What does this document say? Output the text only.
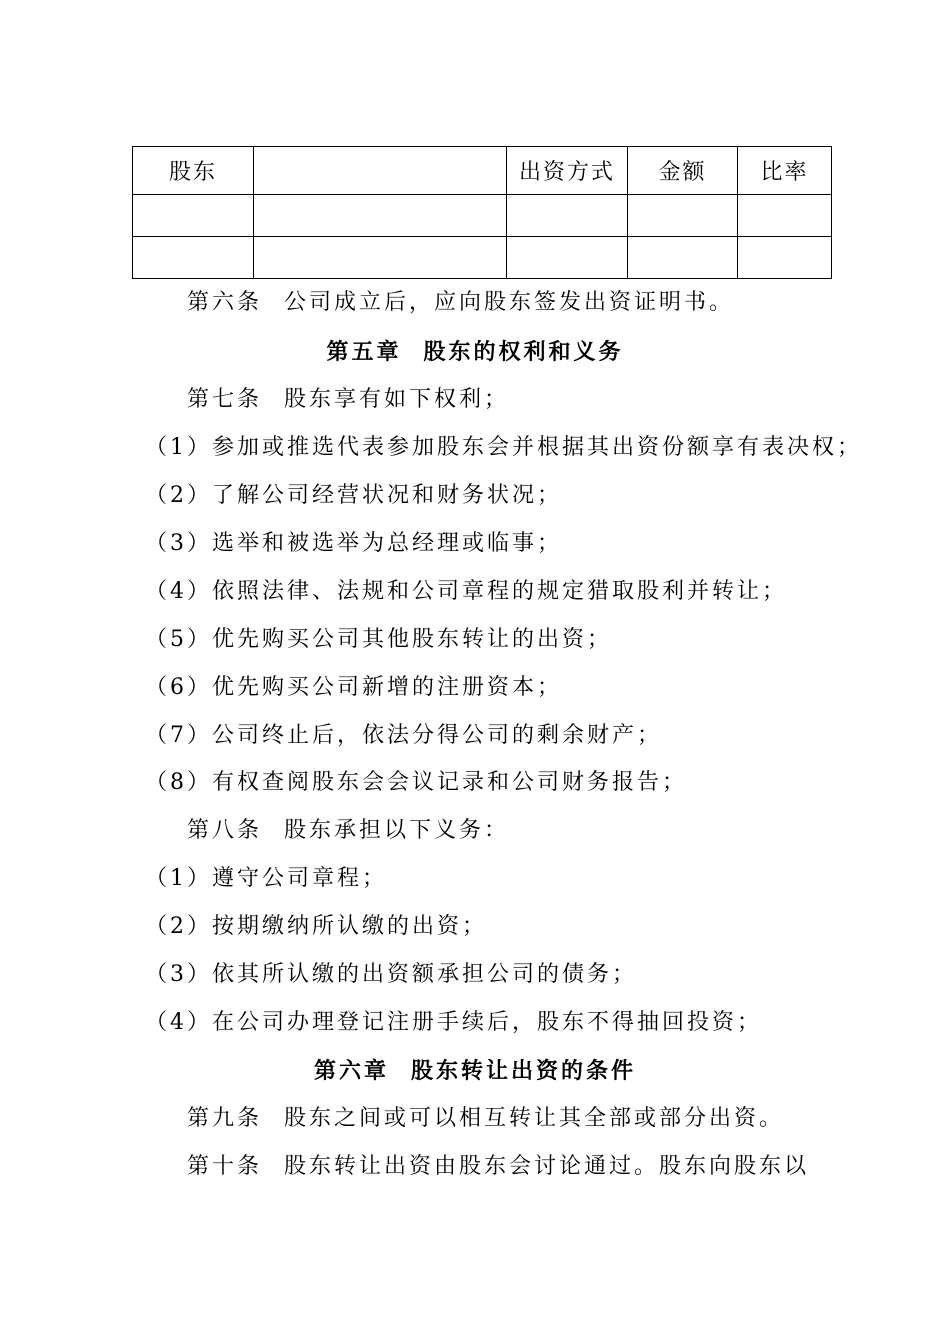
股东		出资方式	金额	比率

第六条 公司成立后，应向股东签发出资证明书。
第五章 股东的权利和义务
第七条 股东享有如下权利；
（1）参加或推选代表参加股东会并根据其出资份额享有表决权；
（2）了解公司经营状况和财务状况；
（3）选举和被选举为总经理或临事；
（4）依照法律、法规和公司章程的规定猎取股利并转让；
（5）优先购买公司其他股东转让的出资；
（6）优先购买公司新增的注册资本；
（7）公司终止后，依法分得公司的剩余财产；
（8）有权查阅股东会会议记录和公司财务报告；
第八条 股东承担以下义务：
（1）遵守公司章程；
（2）按期缴纳所认缴的出资；
（3）依其所认缴的出资额承担公司的债务；
（4）在公司办理登记注册手续后，股东不得抽回投资；
第六章 股东转让出资的条件
第九条 股东之间或可以相互转让其全部或部分出资。
第十条 股东转让出资由股东会讨论通过。股东向股东以
